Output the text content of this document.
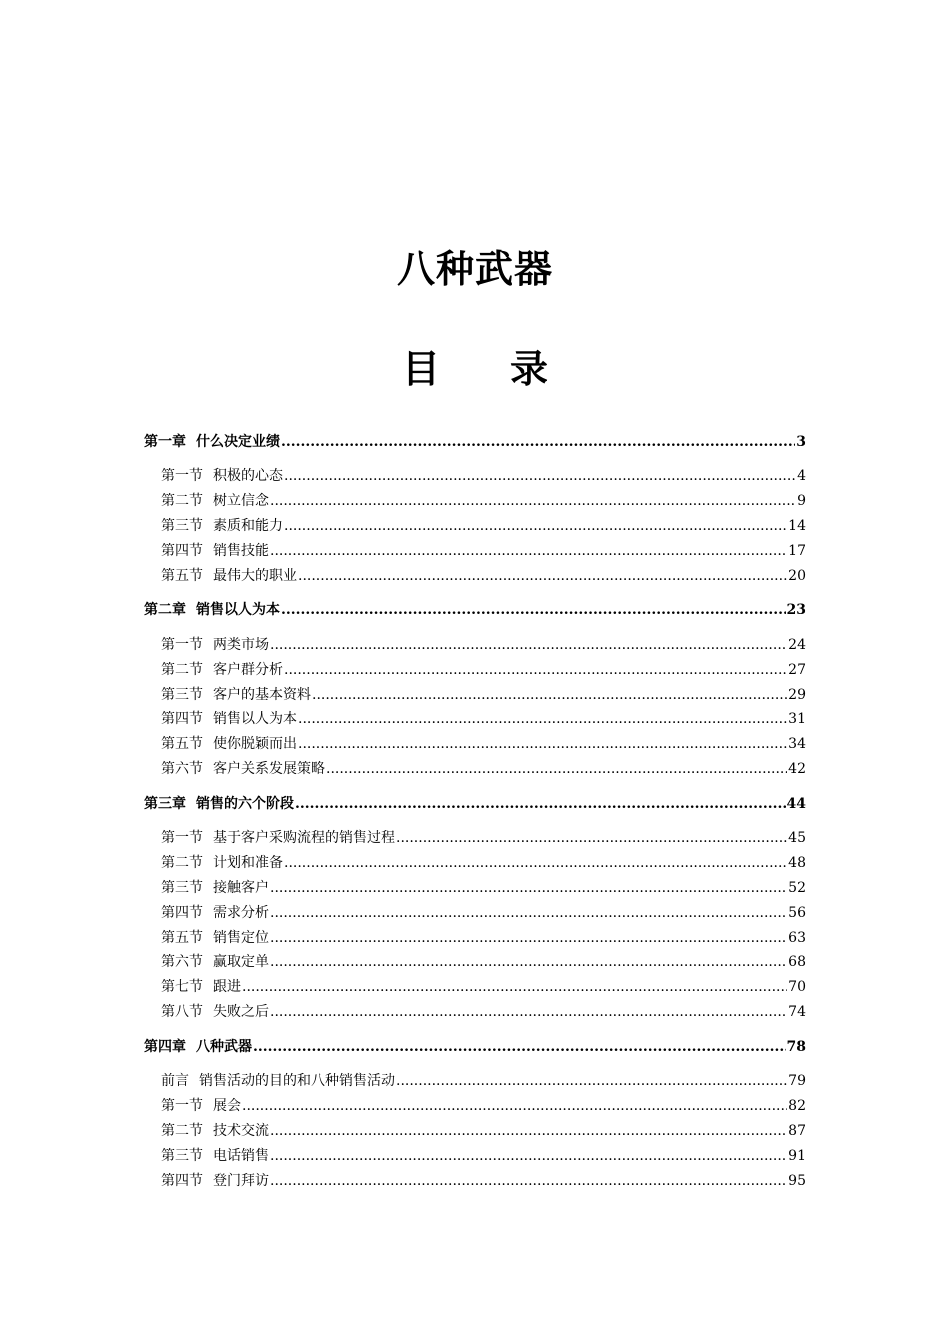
八种武器
目 录
第一章 什么决定业绩 .....	3
第一节 积极的心态 .....	4
第二节 树立信念 .....	9
第三节 素质和能力 .....	14
第四节 销售技能 .....	17
第五节 最伟大的职业 .....	20
第二章 销售以人为本 .....	23
第一节 两类市场 .....	24
第二节 客户群分析 .....	27
第三节 客户的基本资料 .....	29
第四节 销售以人为本 .....	31
第五节 使你脱颖而出 .....	34
第六节 客户关系发展策略 .....	42
第三章 销售的六个阶段 .....	44
第一节 基于客户采购流程的销售过程 .....	45
第二节 计划和准备 .....	48
第三节 接触客户 .....	52
第四节 需求分析 .....	56
第五节 销售定位 .....	63
第六节 赢取定单 .....	68
第七节 跟进 .....	70
第八节 失败之后 .....	74
第四章 八种武器 .....	78
前言 销售活动的目的和八种销售活动 .....	79
第一节 展会 .....	82
第二节 技术交流 .....	87
第三节 电话销售 .....	91
第四节 登门拜访 .....	95
